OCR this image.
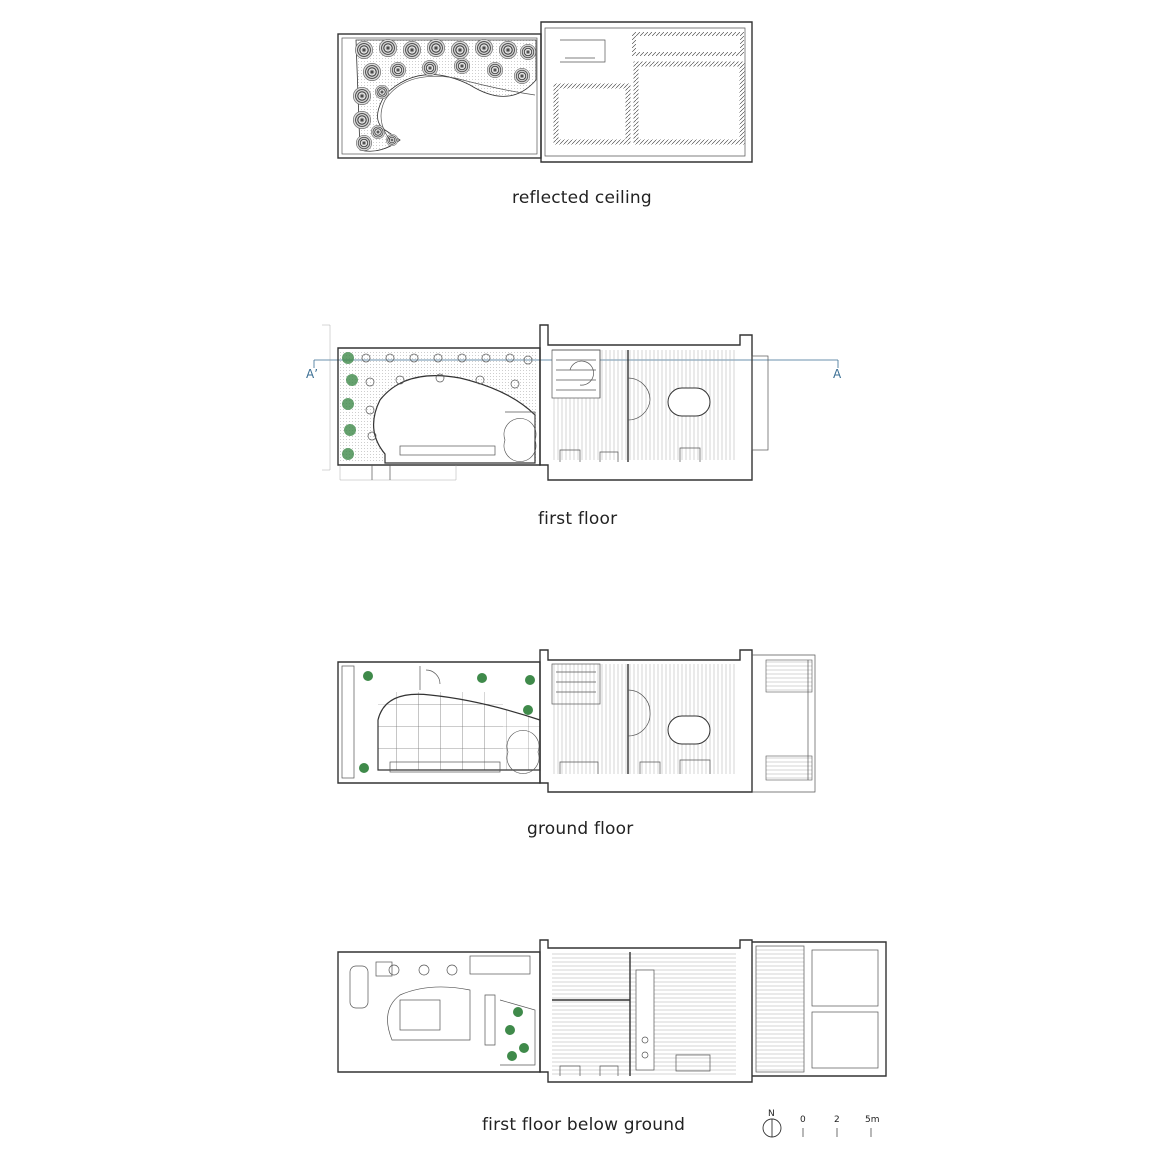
reflected ceiling
first floor
ground floor
first floor below ground
A’	A
N
0	2	5m
